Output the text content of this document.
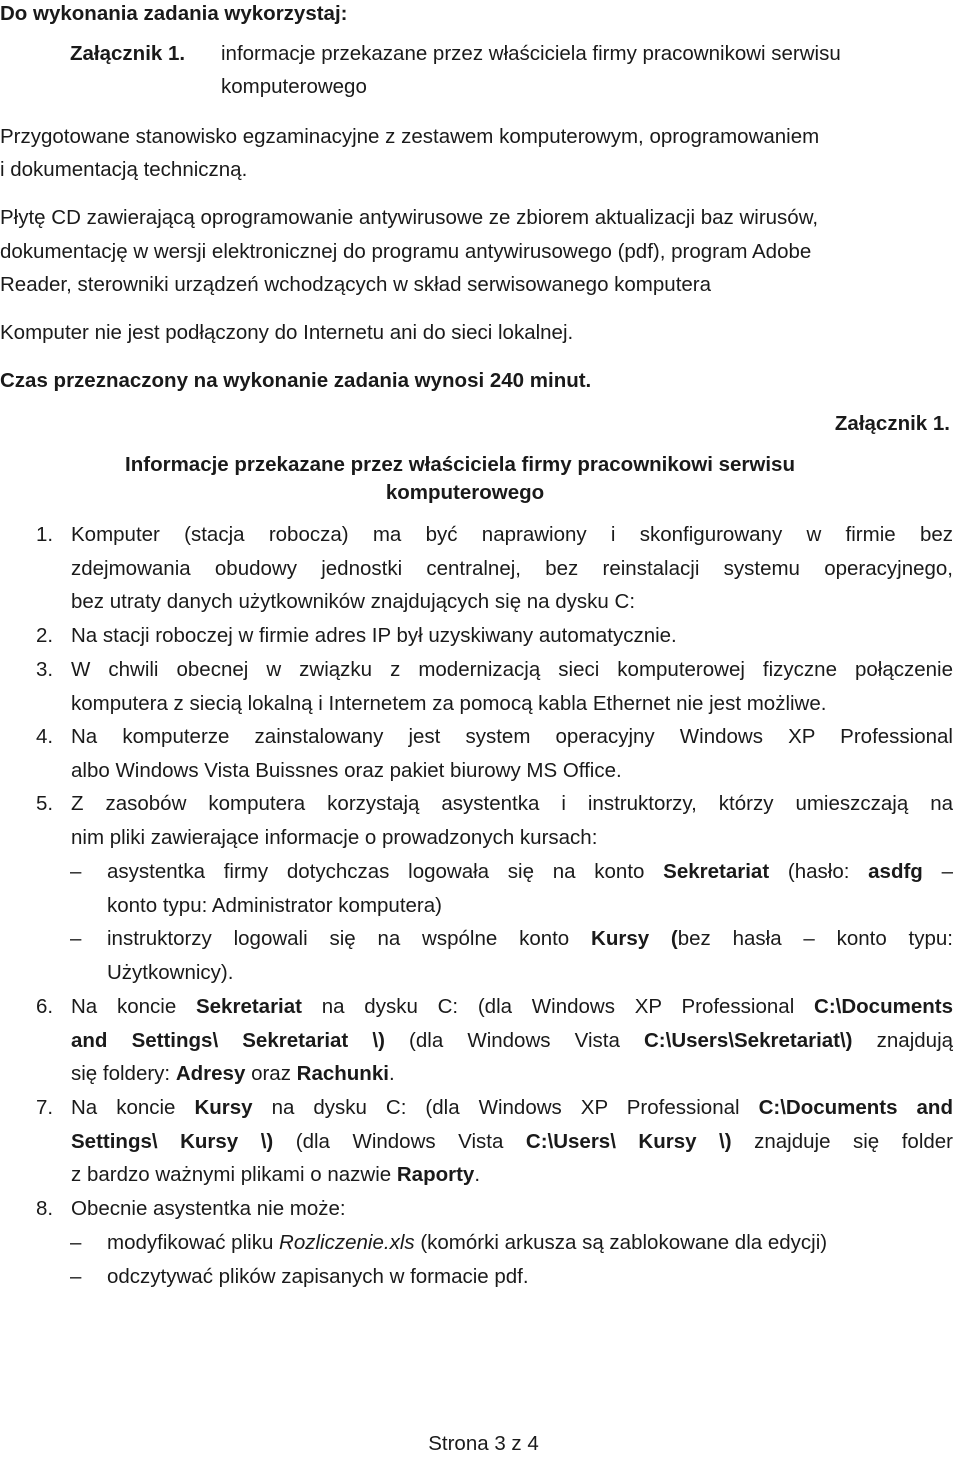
Do wykonania zadania wykorzystaj:
Załącznik 1. informacje przekazane przez właściciela firmy pracownikowi serwisu
komputerowego
Przygotowane stanowisko egzaminacyjne z zestawem komputerowym, oprogramowaniem
i dokumentacją techniczną.
Płytę CD zawierającą oprogramowanie antywirusowe ze zbiorem aktualizacji baz wirusów,
dokumentację w wersji elektronicznej do programu antywirusowego (pdf), program Adobe
Reader, sterowniki urządzeń wchodzących w skład serwisowanego komputera
Komputer nie jest podłączony do Internetu ani do sieci lokalnej.
Czas przeznaczony na wykonanie zadania wynosi 240 minut.
Załącznik 1.
Informacje przekazane przez właściciela firmy pracownikowi serwisu
komputerowego
1. Komputer (stacja robocza) ma być naprawiony i skonfigurowany w firmie bez
zdejmowania obudowy jednostki centralnej, bez reinstalacji systemu operacyjnego,
bez utraty danych użytkowników znajdujących się na dysku C:
2. Na stacji roboczej w firmie adres IP był uzyskiwany automatycznie.
3. W chwili obecnej w związku z modernizacją sieci komputerowej fizyczne połączenie
komputera z siecią lokalną i Internetem za pomocą kabla Ethernet nie jest możliwe.
4. Na komputerze zainstalowany jest system operacyjny Windows XP Professional
albo Windows Vista Buissnes oraz pakiet biurowy MS Office.
5. Z zasobów komputera korzystają asystentka i instruktorzy, którzy umieszczają na
nim pliki zawierające informacje o prowadzonych kursach:
– asystentka firmy dotychczas logowała się na konto Sekretariat (hasło: asdfg –
konto typu: Administrator komputera)
– instruktorzy logowali się na wspólne konto Kursy (bez hasła – konto typu:
Użytkownicy).
6. Na koncie Sekretariat na dysku C: (dla Windows XP Professional C:\Documents
and Settings\ Sekretariat \) (dla Windows Vista C:\Users\Sekretariat\) znajdują
się foldery: Adresy oraz Rachunki.
7. Na koncie Kursy na dysku C: (dla Windows XP Professional C:\Documents and
Settings\ Kursy \) (dla Windows Vista C:\Users\ Kursy \) znajduje się folder
z bardzo ważnymi plikami o nazwie Raporty.
8. Obecnie asystentka nie może:
– modyfikować pliku Rozliczenie.xls (komórki arkusza są zablokowane dla edycji)
– odczytywać plików zapisanych w formacie pdf.
Strona 3 z 4
